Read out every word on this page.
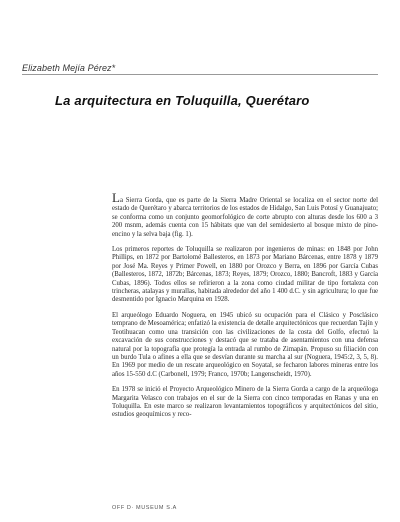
Elizabeth Mejía Pérez*
La arquitectura en Toluquilla, Querétaro

La Sierra Gorda, que es parte de la Sierra Madre Oriental se localiza en el sector norte del estado de Querétaro y abarca territorios de los estados de Hidalgo, San Luis Potosí y Guanajuato; se conforma como un conjunto geomorfológico de corte abrupto con alturas desde los 600 a 3 200 msnm, además cuenta con 15 hábitats que van del semidesierto al bosque mixto de pino-encino y la selva baja (fig. 1).

Los primeros reportes de Toluquilla se realizaron por ingenieros de minas: en 1848 por John Phillips, en 1872 por Bartolomé Ballesteros, en 1873 por Mariano Bárcenas, entre 1878 y 1879 por José Ma. Reyes y Primer Powell, en 1880 por Orozco y Berra, en 1896 por García Cubas (Ballesteros, 1872, 1872b; Bárcenas, 1873; Reyes, 1879; Orozco, 1880; Bancroft, 1883 y García Cubas, 1896). Todos ellos se refirieron a la zona como ciudad militar de tipo fortaleza con trincheras, atalayas y murallas, habitada alrededor del año 1 400 d.C. y sin agricultura; lo que fue desmentido por Ignacio Marquina en 1928.

El arqueólogo Eduardo Noguera, en 1945 ubicó su ocupación para el Clásico y Posclásico temprano de Mesoamérica; enfatizó la existencia de detalle arquitectónicos que recuerdan Tajín y Teotihuacan como una transición con las civilizaciones de la costa del Golfo, efectuó la excavación de sus construcciones y destacó que se trataba de asentamientos con una defensa natural por la topografía que protegía la entrada al rumbo de Zimapán. Propuso su filiación con un burdo Tula o afines a ella que se desvían durante su marcha al sur (Noguera, 1945:2, 3, 5, 8). En 1969 por medio de un rescate arqueológico en Soyatal, se fecharon labores mineras entre los años 15-550 d.C (Carbonell, 1979; Franco, 1970b; Langenscheidt, 1970).

En 1978 se inició el Proyecto Arqueológico Minero de la Sierra Gorda a cargo de la arqueóloga Margarita Velasco con trabajos en el sur de la Sierra con cinco temporadas en Ranas y una en Toluquilla. En este marco se realizaron levantamientos topográficos y arquitectónicos del sitio, estudios geoquímicos y reco-

OFF D· MUSEUM S.A
